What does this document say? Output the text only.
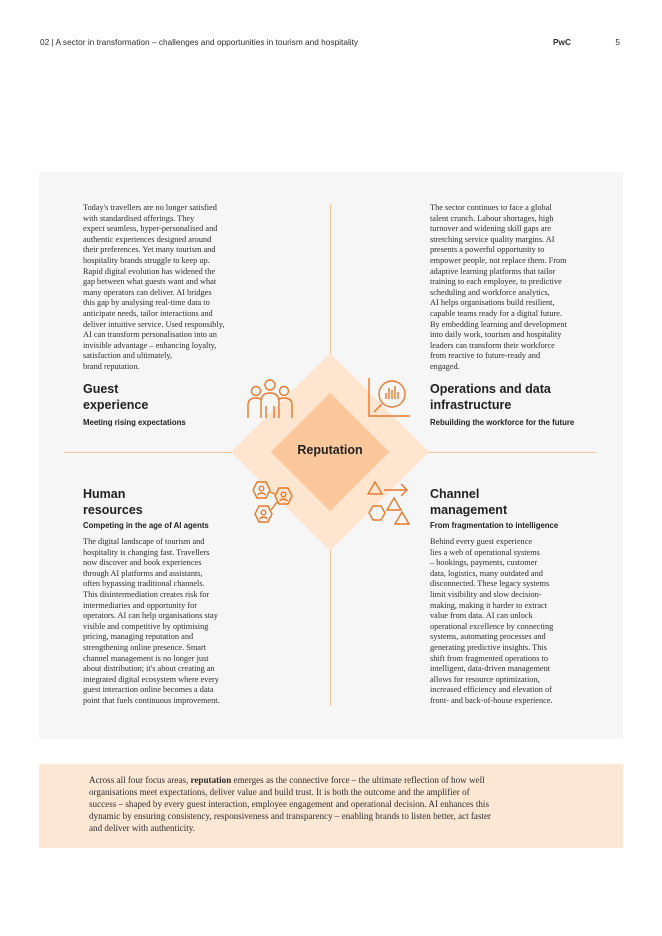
02 | A sector in transformation – challenges and opportunities in tourism and hospitality	PwC	5
Reputation
Today's travellers are no longer satisfied
with standardised offerings. They
expect seamless, hyper-personalised and
authentic experiences designed around
their preferences. Yet many tourism and
hospitality brands struggle to keep up.
Rapid digital evolution has widened the
gap between what guests want and what
many operators can deliver. AI bridges
this gap by analysing real-time data to
anticipate needs, tailor interactions and
deliver intuitive service. Used responsibly,
AI can transform personalisation into an
invisible advantage – enhancing loyalty,
satisfaction and ultimately,
brand reputation.
Guest
experience
Meeting rising expectations
The sector continues to face a global
talent crunch. Labour shortages, high
turnover and widening skill gaps are
stretching service quality margins. AI
presents a powerful opportunity to
empower people, not replace them. From
adaptive learning platforms that tailor
training to each employee, to predictive
scheduling and workforce analytics,
AI helps organisations build resilient,
capable teams ready for a digital future.
By embedding learning and development
into daily work, tourism and hospitality
leaders can transform their workforce
from reactive to future-ready and
engaged.
Operations and data
infrastructure
Rebuilding the workforce for the future
Human
resources
Competing in the age of AI agents
The digital landscape of tourism and
hospitality is changing fast. Travellers
now discover and book experiences
through AI platforms and assistants,
often bypassing traditional channels.
This disintermediation creates risk for
intermediaries and opportunity for
operators. AI can help organisations stay
visible and competitive by optimising
pricing, managing reputation and
strengthening online presence. Smart
channel management is no longer just
about distribution; it's about creating an
integrated digital ecosystem where every
guest interaction online becomes a data
point that fuels continuous improvement.
Channel
management
From fragmentation to intelligence
Behind every guest experience
lies a web of operational systems
– bookings, payments, customer
data, logistics, many outdated and
disconnected. These legacy systems
limit visibility and slow decision-
making, making it harder to extract
value from data. AI can unlock
operational excellence by connecting
systems, automating processes and
generating predictive insights. This
shift from fragmented operations to
intelligent, data-driven management
allows for resource optimization,
increased efficiency and elevation of
front- and back-of-house experience.
Across all four focus areas, reputation emerges as the connective force – the ultimate reflection of how well
organisations meet expectations, deliver value and build trust. It is both the outcome and the amplifier of
success – shaped by every guest interaction, employee engagement and operational decision. AI enhances this
dynamic by ensuring consistency, responsiveness and transparency – enabling brands to listen better, act faster
and deliver with authenticity.
